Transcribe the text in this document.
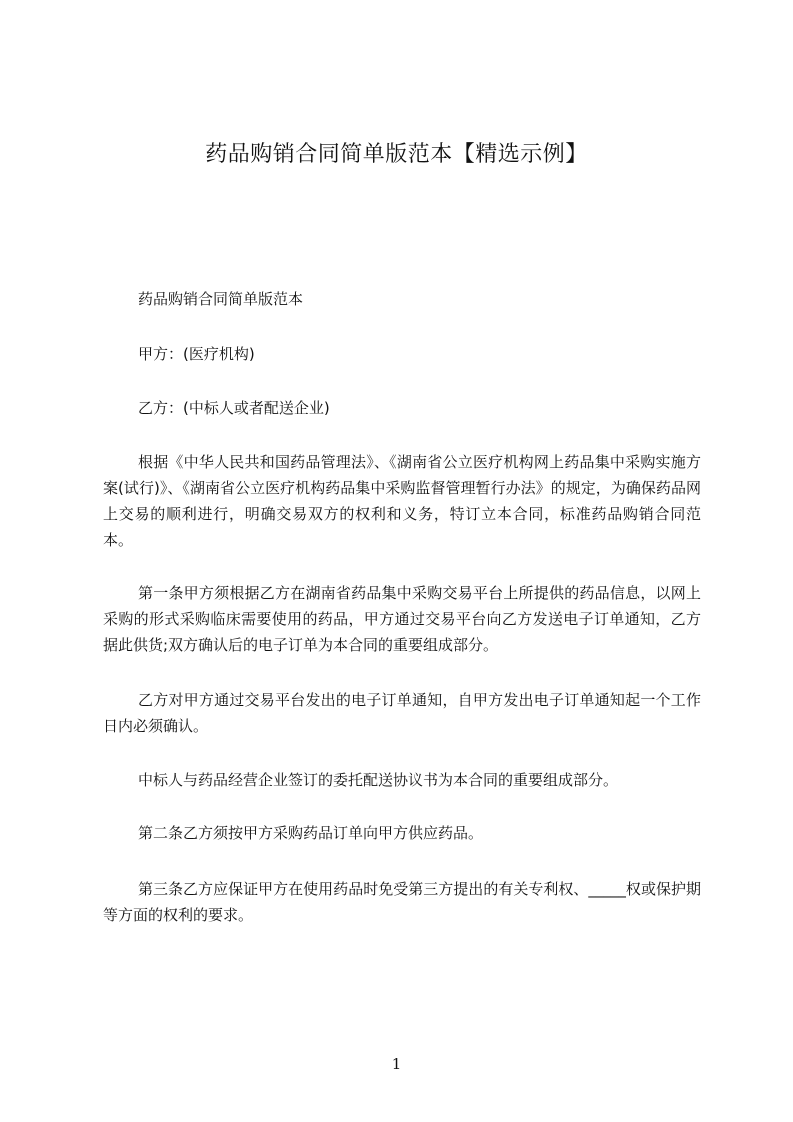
药品购销合同简单版范本【精选示例】

药品购销合同简单版范本

甲方：(医疗机构)

乙方：(中标人或者配送企业)

根据《中华人民共和国药品管理法》、《湖南省公立医疗机构网上药品集中采购实施方案(试行)》、《湖南省公立医疗机构药品集中采购监督管理暂行办法》的规定，为确保药品网上交易的顺利进行，明确交易双方的权利和义务，特订立本合同，标准药品购销合同范本。

第一条甲方须根据乙方在湖南省药品集中采购交易平台上所提供的药品信息，以网上采购的形式采购临床需要使用的药品，甲方通过交易平台向乙方发送电子订单通知，乙方据此供货;双方确认后的电子订单为本合同的重要组成部分。

乙方对甲方通过交易平台发出的电子订单通知，自甲方发出电子订单通知起一个工作日内必须确认。

中标人与药品经营企业签订的委托配送协议书为本合同的重要组成部分。

第二条乙方须按甲方采购药品订单向甲方供应药品。

第三条乙方应保证甲方在使用药品时免受第三方提出的有关专利权、_____权或保护期等方面的权利的要求。

1
